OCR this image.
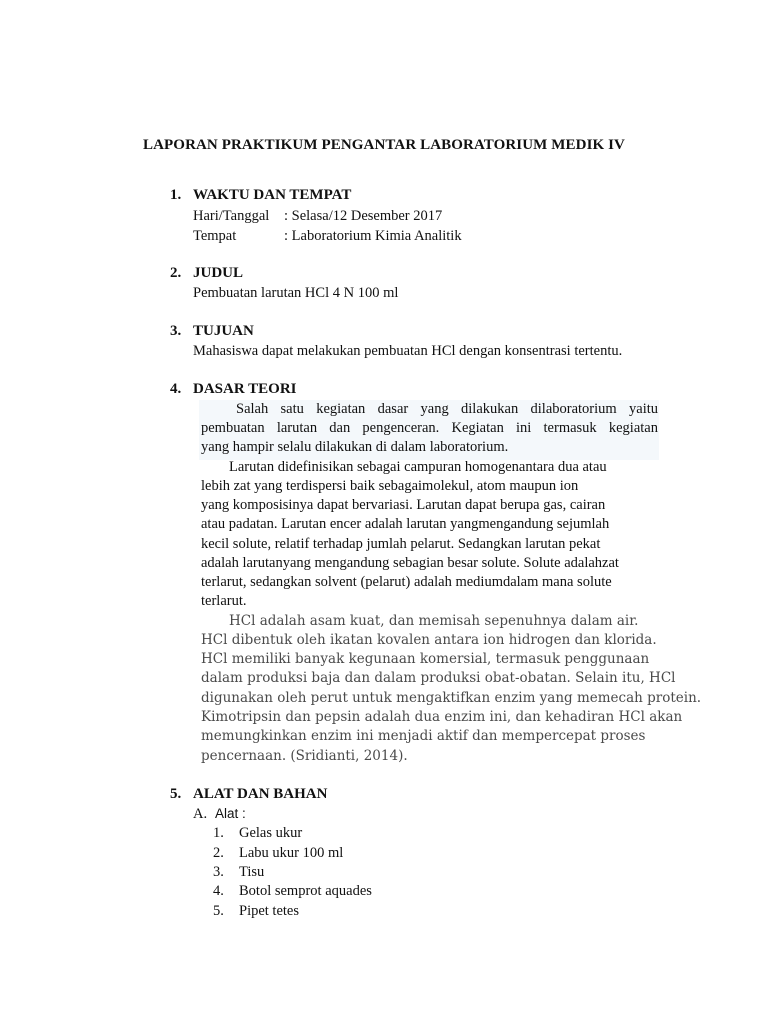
LAPORAN PRAKTIKUM PENGANTAR LABORATORIUM MEDIK IV
1. WAKTU DAN TEMPAT
Hari/Tanggal : Selasa/12 Desember 2017
Tempat	: Laboratorium Kimia Analitik
2. JUDUL
Pembuatan larutan HCl 4 N 100 ml
3. TUJUAN
Mahasiswa dapat melakukan pembuatan HCl dengan konsentrasi tertentu.
4. DASAR TEORI
Salah satu kegiatan dasar yang dilakukan dilaboratorium yaitu
pembuatan larutan dan pengenceran. Kegiatan ini termasuk kegiatan
yang hampir selalu dilakukan di dalam laboratorium.
Larutan didefinisikan sebagai campuran homogenantara dua atau
lebih zat yang terdispersi baik sebagaimolekul, atom maupun ion
yang komposisinya dapat bervariasi. Larutan dapat berupa gas, cairan
atau padatan. Larutan encer adalah larutan yangmengandung sejumlah
kecil solute, relatif terhadap jumlah pelarut. Sedangkan larutan pekat
adalah larutanyang mengandung sebagian besar solute. Solute adalahzat
terlarut, sedangkan solvent (pelarut) adalah mediumdalam mana solute
terlarut.
HCl adalah asam kuat, dan memisah sepenuhnya dalam air.
HCl dibentuk oleh ikatan kovalen antara ion hidrogen dan klorida.
HCl memiliki banyak kegunaan komersial, termasuk penggunaan
dalam produksi baja dan dalam produksi obat-obatan. Selain itu, HCl
digunakan oleh perut untuk mengaktifkan enzim yang memecah protein.
Kimotripsin dan pepsin adalah dua enzim ini, dan kehadiran HCl akan
memungkinkan enzim ini menjadi aktif dan mempercepat proses
pencernaan. (Sridianti, 2014).
5. ALAT DAN BAHAN
A. Alat :
1. Gelas ukur
2. Labu ukur 100 ml
3. Tisu
4. Botol semprot aquades
5. Pipet tetes
